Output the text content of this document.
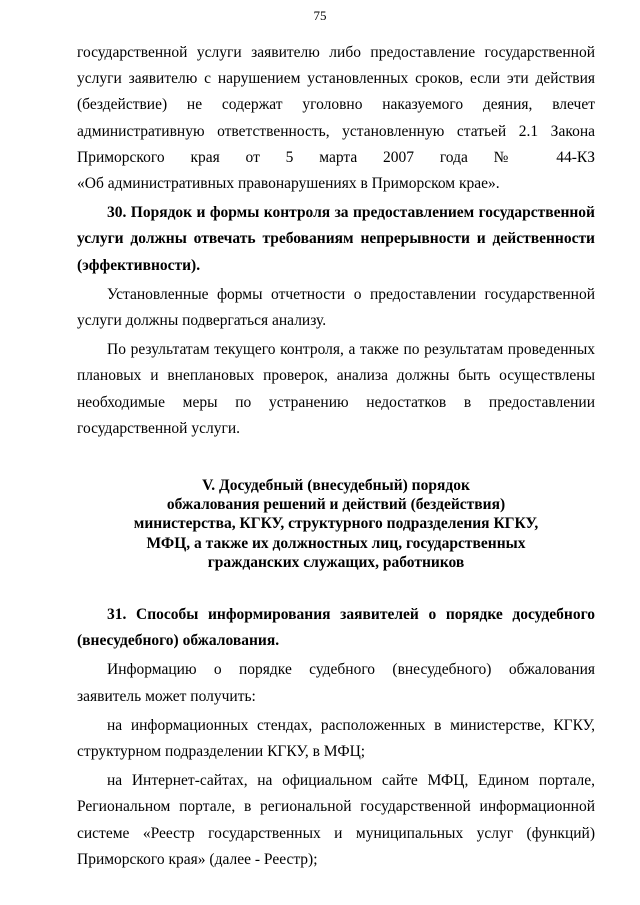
75

государственной услуги заявителю либо предоставление государственной

услуги заявителю с нарушением установленных сроков, если эти действия

(бездействие) не содержат уголовно наказуемого деяния, влечет

административную ответственность, установленную статьей 2.1 Закона

Приморского края от 5 марта 2007 года № 44-КЗ

«Об административных правонарушениях в Приморском крае».

30. Порядок и формы контроля за предоставлением государственной услуги должны отвечать требованиям непрерывности и действенности (эффективности).

Установленные формы отчетности о предоставлении государственной услуги должны подвергаться анализу.

По результатам текущего контроля, а также по результатам проведенных плановых и внеплановых проверок, анализа должны быть осуществлены необходимые меры по устранению недостатков в предоставлении государственной услуги.

V. Досудебный (внесудебный) порядок
обжалования решений и действий (бездействия)
министерства, КГКУ, структурного подразделения КГКУ,
МФЦ, а также их должностных лиц, государственных
гражданских служащих, работников

31. Способы информирования заявителей о порядке досудебного (внесудебного) обжалования.

Информацию о порядке судебного (внесудебного) обжалования заявитель может получить:

на информационных стендах, расположенных в министерстве, КГКУ, структурном подразделении КГКУ, в МФЦ;

на Интернет-сайтах, на официальном сайте МФЦ, Едином портале, Региональном портале, в региональной государственной информационной системе «Реестр государственных и муниципальных услуг (функций) Приморского края» (далее - Реестр);
